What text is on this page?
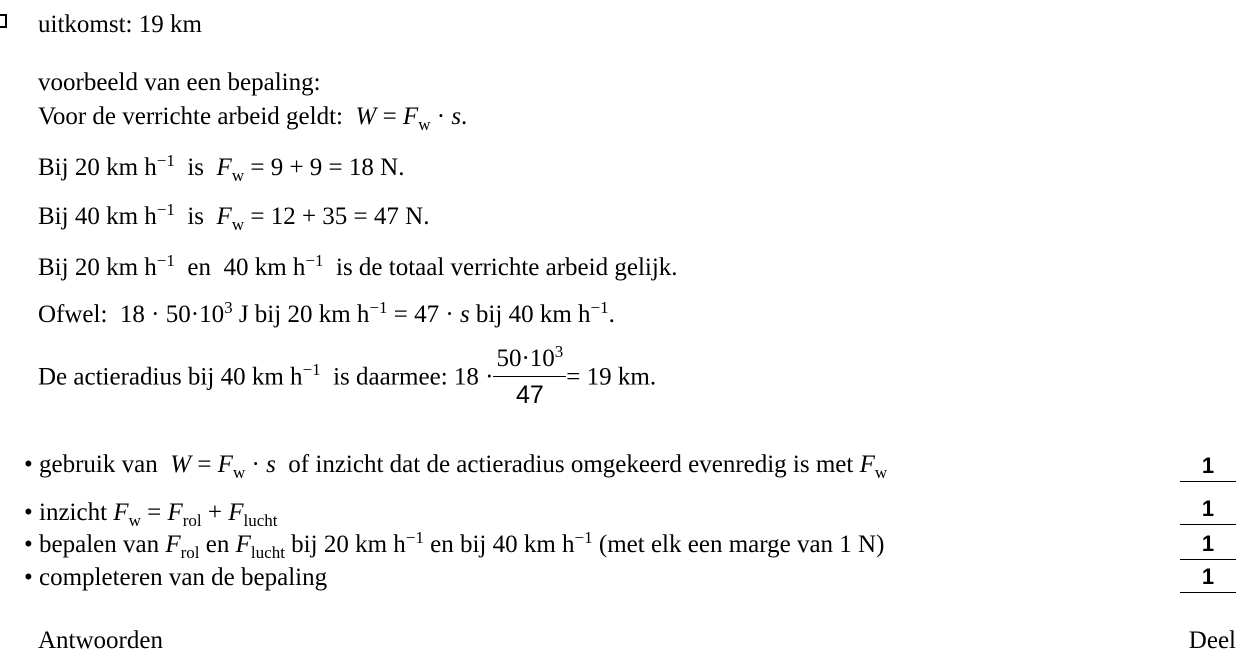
uitkomst: 19 km
voorbeeld van een bepaling:
Voor de verrichte arbeid geldt:  $W = F_w \cdot s$.
Bij 20 km $h^{-1}$  is  $F_w = 9 + 9 = 18$ N.
Bij 40 km $h^{-1}$  is  $F_w = 12 + 35 = 47$ N.
Bij 20 km $h^{-1}$  en  40 km $h^{-1}$ is de totaal verrichte arbeid gelijk.
Ofwel: $18 \cdot 50\cdot 10^3$ J bij 20 km $h^{-1} = 47 \cdot s$ bij 40 km $h^{-1}$.
De actieradius bij 40 km $h^{-1}$ is daarmee: $18 \cdot \frac{50\cdot 10^3}{47} = 19$ km.
• gebruik van $W = F_w \cdot s$ of inzicht dat de actieradius omgekeerd evenredig is met $F_w$	1
• inzicht $F_w = F_{rol} + F_{lucht}$	1
• bepalen van $F_{rol}$ en $F_{lucht}$ bij 20 km $h^{-1}$ en bij 40 km $h^{-1}$ (met elk een marge van 1 N)	1
• completeren van de bepaling	1
Antwoorden	Deel
